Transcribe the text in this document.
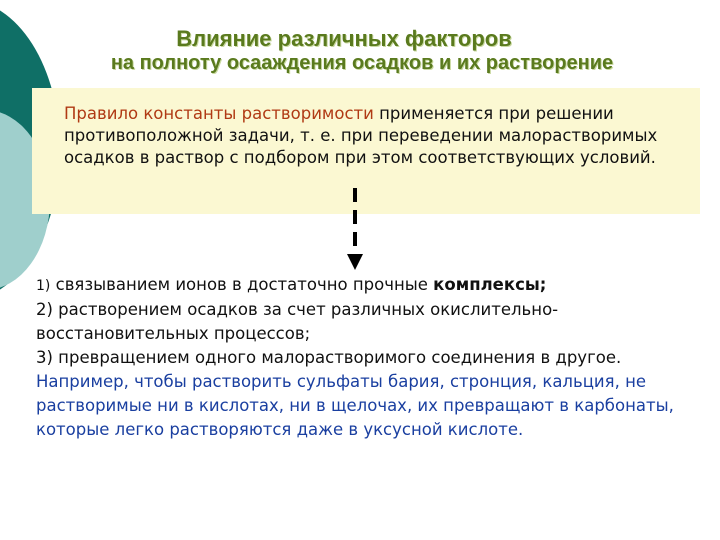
Влияние различных факторов
на полноту осааждения осадков и их растворение
Правило константы растворимости применяется при решении противоположной задачи, т. е. при переведении малорастворимых осадков в раствор с подбором при этом соответствующих условий.

1) связыванием ионов в достаточно прочные комплексы;

2) растворением осадков за счет различных окислительно-восстановительных процессов;

3) превращением одного малорастворимого соединения в другое. Например, чтобы растворить сульфаты бария, стронция, кальция, не растворимые ни в кислотах, ни в щелочах, их превращают в карбонаты, которые легко растворяются даже в уксусной кислоте.
